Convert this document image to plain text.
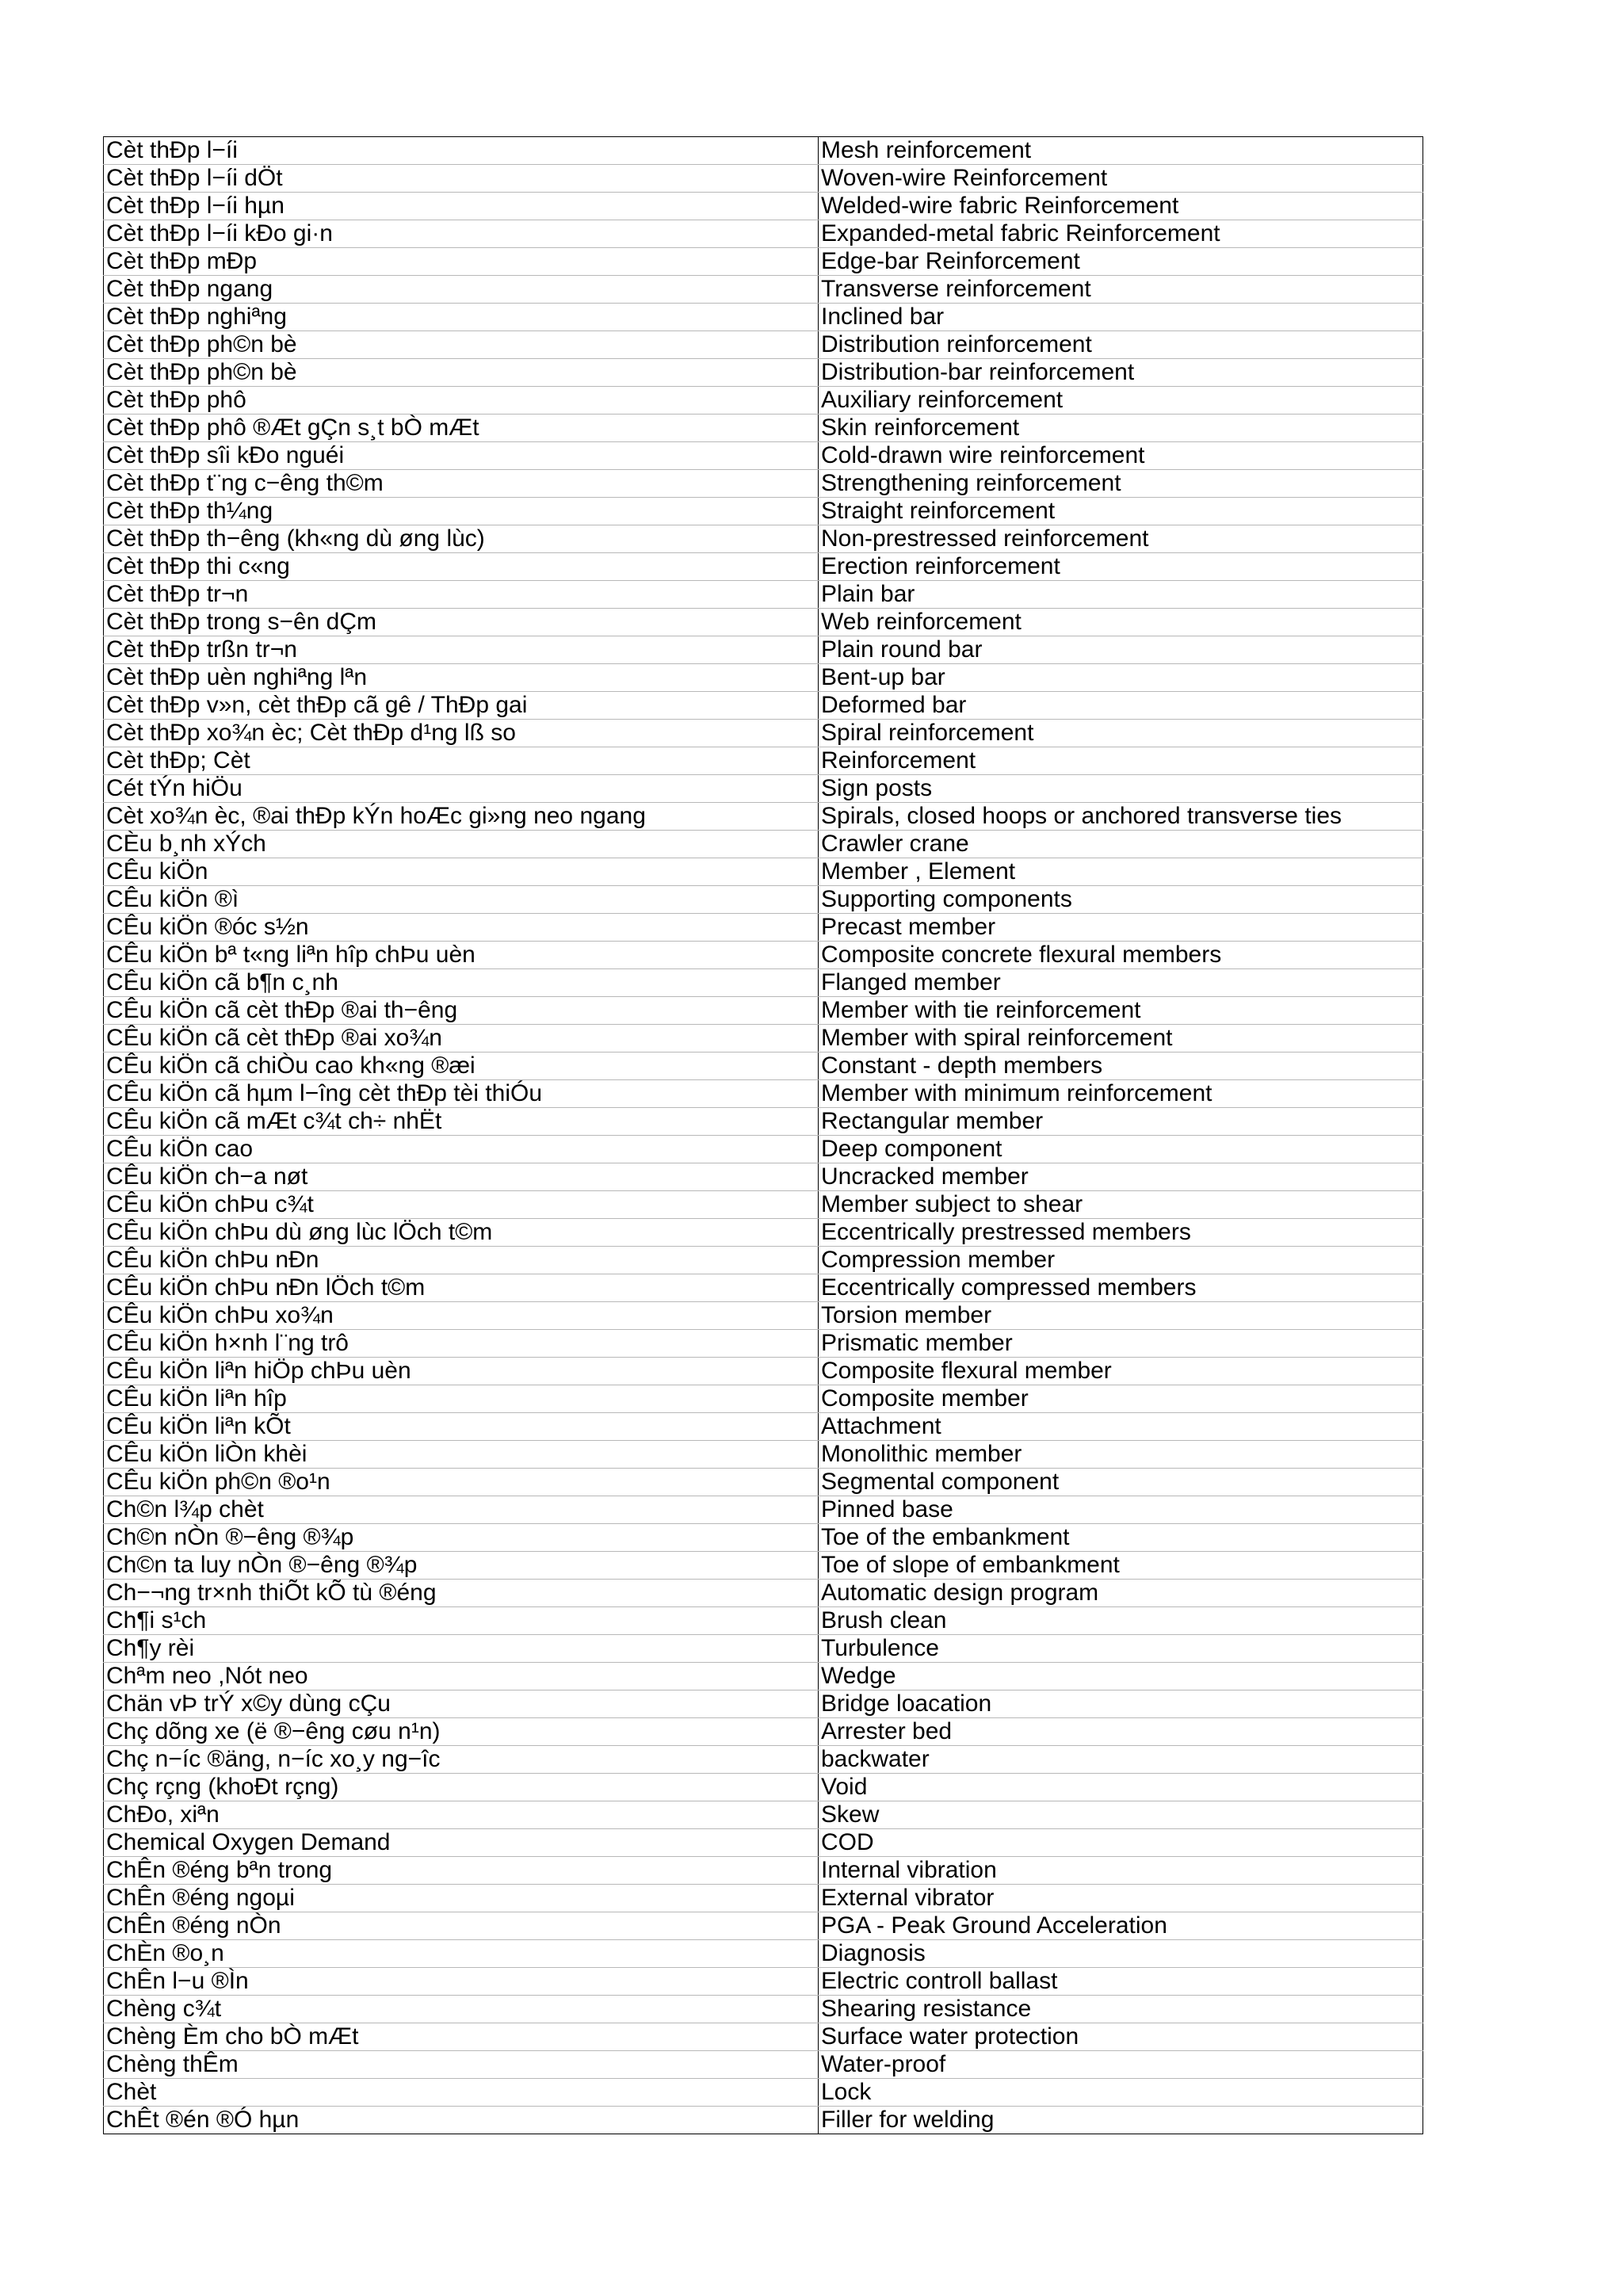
Cèt thÐp l−íi	Mesh reinforcement
Cèt thÐp l−íi dÖt	Woven-wire Reinforcement
Cèt thÐp l−íi hµn	Welded-wire fabric Reinforcement
Cèt thÐp l−íi kÐo gi·n	Expanded-metal fabric Reinforcement
Cèt thÐp mÐp	Edge-bar Reinforcement
Cèt thÐp ngang	Transverse reinforcement
Cèt thÐp nghiªng	Inclined bar
Cèt thÐp ph©n bè	Distribution reinforcement
Cèt thÐp ph©n bè	Distribution-bar reinforcement
Cèt thÐp phô	Auxiliary reinforcement
Cèt thÐp phô ®Æt gÇn s¸t bÒ mÆt	Skin reinforcement
Cèt thÐp sîi kÐo nguéi	Cold-drawn wire reinforcement
Cèt thÐp t¨ng c−êng th©m	Strengthening reinforcement
Cèt thÐp th¼ng	Straight reinforcement
Cèt thÐp th−êng (kh«ng dù øng lùc)	Non-prestressed reinforcement
Cèt thÐp thi c«ng	Erection reinforcement
Cèt thÐp tr¬n	Plain bar
Cèt thÐp trong s−ên dÇm	Web reinforcement
Cèt thÐp trßn tr¬n	Plain round bar
Cèt thÐp uèn nghiªng lªn	Bent-up bar
Cèt thÐp v»n, cèt thÐp cã gê / ThÐp gai	Deformed bar
Cèt thÐp xo¾n èc; Cèt thÐp d¹ng lß so	Spiral reinforcement
Cèt thÐp; Cèt	Reinforcement
Cét tÝn hiÖu	Sign posts
Cèt xo¾n èc, ®ai thÐp kÝn hoÆc gi»ng neo ngang	Spirals, closed hoops or anchored transverse ties
CÈu b¸nh xÝch	Crawler crane
CÊu kiÖn	Member , Element
CÊu kiÖn ®ì	Supporting components
CÊu kiÖn ®óc s½n	Precast member
CÊu kiÖn bª t«ng liªn hîp chÞu uèn	Composite concrete flexural members
CÊu kiÖn cã b¶n c¸nh	Flanged member
CÊu kiÖn cã cèt thÐp ®ai th−êng	Member with tie reinforcement
CÊu kiÖn cã cèt thÐp ®ai xo¾n	Member with spiral reinforcement
CÊu kiÖn cã chiÒu cao kh«ng ®æi	Constant - depth members
CÊu kiÖn cã hµm l−îng cèt thÐp tèi thiÓu	Member with minimum reinforcement
CÊu kiÖn cã mÆt c¾t ch÷ nhËt	Rectangular member
CÊu kiÖn cao	Deep component
CÊu kiÖn ch−a nøt	Uncracked member
CÊu kiÖn chÞu c¾t	Member subject to shear
CÊu kiÖn chÞu dù øng lùc lÖch t©m	Eccentrically prestressed members
CÊu kiÖn chÞu nÐn	Compression member
CÊu kiÖn chÞu nÐn lÖch t©m	Eccentrically compressed members
CÊu kiÖn chÞu xo¾n	Torsion member
CÊu kiÖn h×nh l¨ng trô	Prismatic member
CÊu kiÖn liªn hiÖp chÞu uèn	Composite flexural member
CÊu kiÖn liªn hîp	Composite member
CÊu kiÖn liªn kÕt	Attachment
CÊu kiÖn liÒn khèi	Monolithic member
CÊu kiÖn ph©n ®o¹n	Segmental component
Ch©n l¾p chèt	Pinned base
Ch©n nÒn ®−êng ®¾p	Toe of the embankment
Ch©n ta luy nÒn ®−êng ®¾p	Toe of slope of embankment
Ch−¬ng tr×nh thiÕt kÕ tù ®éng	Automatic design program
Ch¶i s¹ch	Brush clean
Ch¶y rèi	Turbulence
Chªm neo ,Nót neo	Wedge
Chän vÞ trÝ x©y dùng cÇu	Bridge loacation
Chç dõng xe (ë ®−êng cøu n¹n)	Arrester bed
Chç n−íc ®äng, n−íc xo¸y ng−îc	backwater
Chç rçng (khoÐt rçng)	Void
ChÐo, xiªn	Skew
Chemical Oxygen Demand	COD
ChÊn ®éng bªn trong	Internal vibration
ChÊn ®éng ngoµi	External vibrator
ChÊn ®éng nÒn	PGA - Peak Ground Acceleration
ChÈn ®o¸n	Diagnosis
ChÊn l−u ®Ìn	Electric controll ballast
Chèng c¾t	Shearing resistance
Chèng Èm cho bÒ mÆt	Surface water protection
Chèng thÊm	Water-proof
Chèt	Lock
ChÊt ®én ®Ó hµn	Filler for welding
